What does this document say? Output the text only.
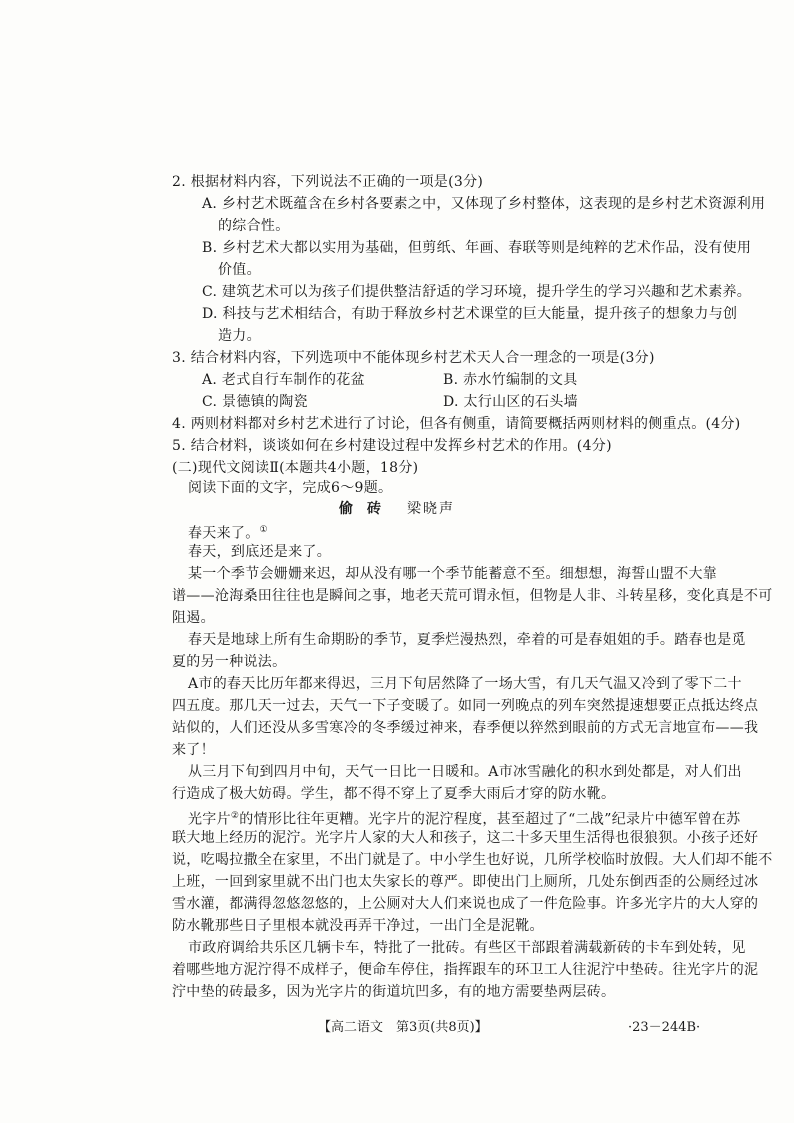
2. 根据材料内容，下列说法不正确的一项是(3分)
A. 乡村艺术既蕴含在乡村各要素之中，又体现了乡村整体，这表现的是乡村艺术资源利用
的综合性。
B. 乡村艺术大都以实用为基础，但剪纸、年画、春联等则是纯粹的艺术作品，没有使用
价值。
C. 建筑艺术可以为孩子们提供整洁舒适的学习环境，提升学生的学习兴趣和艺术素养。
D. 科技与艺术相结合，有助于释放乡村艺术课堂的巨大能量，提升孩子的想象力与创
造力。
3. 结合材料内容，下列选项中不能体现乡村艺术天人合一理念的一项是(3分)
A. 老式自行车制作的花盆	B. 赤水竹编制的文具
C. 景德镇的陶瓷	D. 太行山区的石头墙
4. 两则材料都对乡村艺术进行了讨论，但各有侧重，请简要概括两则材料的侧重点。(4分)
5. 结合材料，谈谈如何在乡村建设过程中发挥乡村艺术的作用。(4分)
(二)现代文阅读Ⅱ(本题共4小题，18分)
阅读下面的文字，完成6～9题。
偷砖 梁晓声
春天来了。①
春天，到底还是来了。
某一个季节会姗姗来迟，却从没有哪一个季节能蓄意不至。细想想，海誓山盟不大靠
谱——沧海桑田往往也是瞬间之事，地老天荒可谓永恒，但物是人非、斗转星移，变化真是不可
阻遏。
春天是地球上所有生命期盼的季节，夏季烂漫热烈，牵着的可是春姐姐的手。踏春也是觅
夏的另一种说法。
A市的春天比历年都来得迟，三月下旬居然降了一场大雪，有几天气温又冷到了零下二十
四五度。那几天一过去，天气一下子变暖了。如同一列晚点的列车突然提速想要正点抵达终点
站似的，人们还没从多雪寒冷的冬季缓过神来，春季便以猝然到眼前的方式无言地宣布——我
来了！
从三月下旬到四月中旬，天气一日比一日暖和。A市冰雪融化的积水到处都是，对人们出
行造成了极大妨碍。学生，都不得不穿上了夏季大雨后才穿的防水靴。
光字片②的情形比往年更糟。光字片的泥泞程度，甚至超过了“二战”纪录片中德军曾在苏
联大地上经历的泥泞。光字片人家的大人和孩子，这二十多天里生活得也很狼狈。小孩子还好
说，吃喝拉撒全在家里，不出门就是了。中小学生也好说，几所学校临时放假。大人们却不能不
上班，一回到家里就不出门也太失家长的尊严。即使出门上厕所，几处东倒西歪的公厕经过冰
雪水灌，都满得忽悠忽悠的，上公厕对大人们来说也成了一件危险事。许多光字片的大人穿的
防水靴那些日子里根本就没再弄干净过，一出门全是泥靴。
市政府调给共乐区几辆卡车，特批了一批砖。有些区干部跟着满载新砖的卡车到处转，见
着哪些地方泥泞得不成样子，便命车停住，指挥跟车的环卫工人往泥泞中垫砖。往光字片的泥
泞中垫的砖最多，因为光字片的街道坑凹多，有的地方需要垫两层砖。
【高二语文　第3页(共8页)】	·23－244B·
